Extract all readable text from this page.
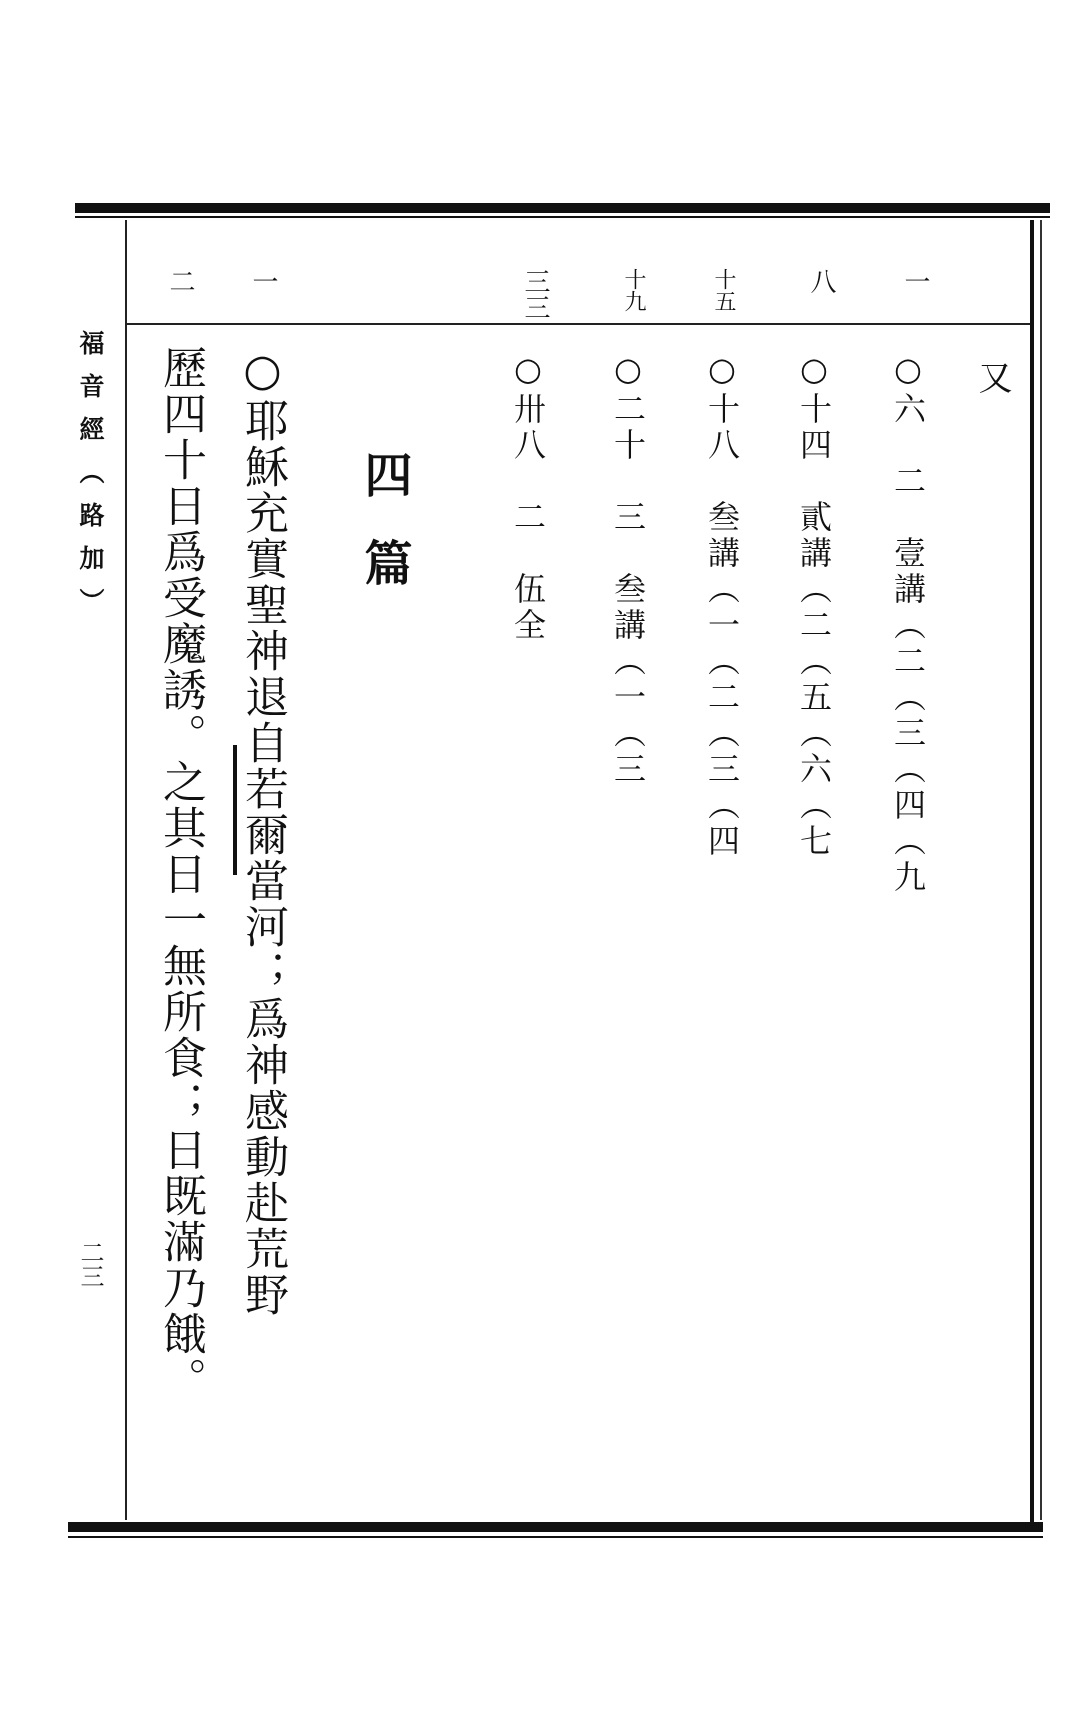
福音經（路加）
二三
一
八
十五
十九
三三
一
二
又
○六　二　壹講（二（三（四（九
○十四　貳講（二（五（六（七
○十八　叁講（一（二（三（四
○二十　三　叁講（一（三
○卅八　二　伍全
四篇
○耶穌充實聖神退自若爾當河；爲神感動赴荒野
歷四十日爲受魔誘。之其日一無所食；日既滿乃餓。
